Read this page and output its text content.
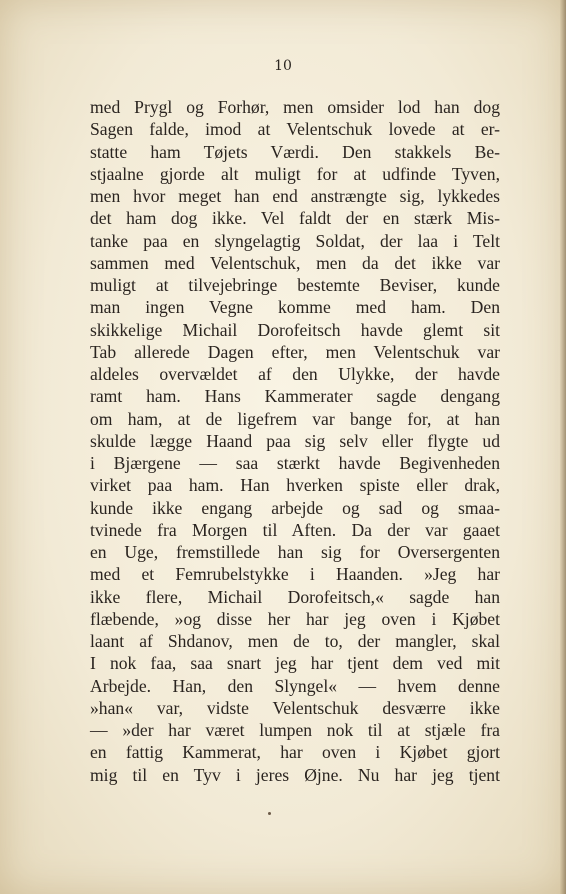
10
med Prygl og Forhør, men omsider lod han dog
Sagen falde, imod at Velentschuk lovede at er-
statte ham Tøjets Værdi. Den stakkels Be-
stjaalne gjorde alt muligt for at udfinde Tyven,
men hvor meget han end anstrængte sig, lykkedes
det ham dog ikke. Vel faldt der en stærk Mis-
tanke paa en slyngelagtig Soldat, der laa i Telt
sammen med Velentschuk, men da det ikke var
muligt at tilvejebringe bestemte Beviser, kunde
man ingen Vegne komme med ham. Den
skikkelige Michail Dorofeitsch havde glemt sit
Tab allerede Dagen efter, men Velentschuk var
aldeles overvældet af den Ulykke, der havde
ramt ham. Hans Kammerater sagde dengang
om ham, at de ligefrem var bange for, at han
skulde lægge Haand paa sig selv eller flygte ud
i Bjærgene — saa stærkt havde Begivenheden
virket paa ham. Han hverken spiste eller drak,
kunde ikke engang arbejde og sad og smaa-
tvinede fra Morgen til Aften. Da der var gaaet
en Uge, fremstillede han sig for Oversergenten
med et Femrubelstykke i Haanden. »Jeg har
ikke flere, Michail Dorofeitsch,« sagde han
flæbende, »og disse her har jeg oven i Kjøbet
laant af Shdanov, men de to, der mangler, skal
I nok faa, saa snart jeg har tjent dem ved mit
Arbejde. Han, den Slyngel« — hvem denne
»han« var, vidste Velentschuk desværre ikke
— »der har været lumpen nok til at stjæle fra
en fattig Kammerat, har oven i Kjøbet gjort
mig til en Tyv i jeres Øjne. Nu har jeg tjent
